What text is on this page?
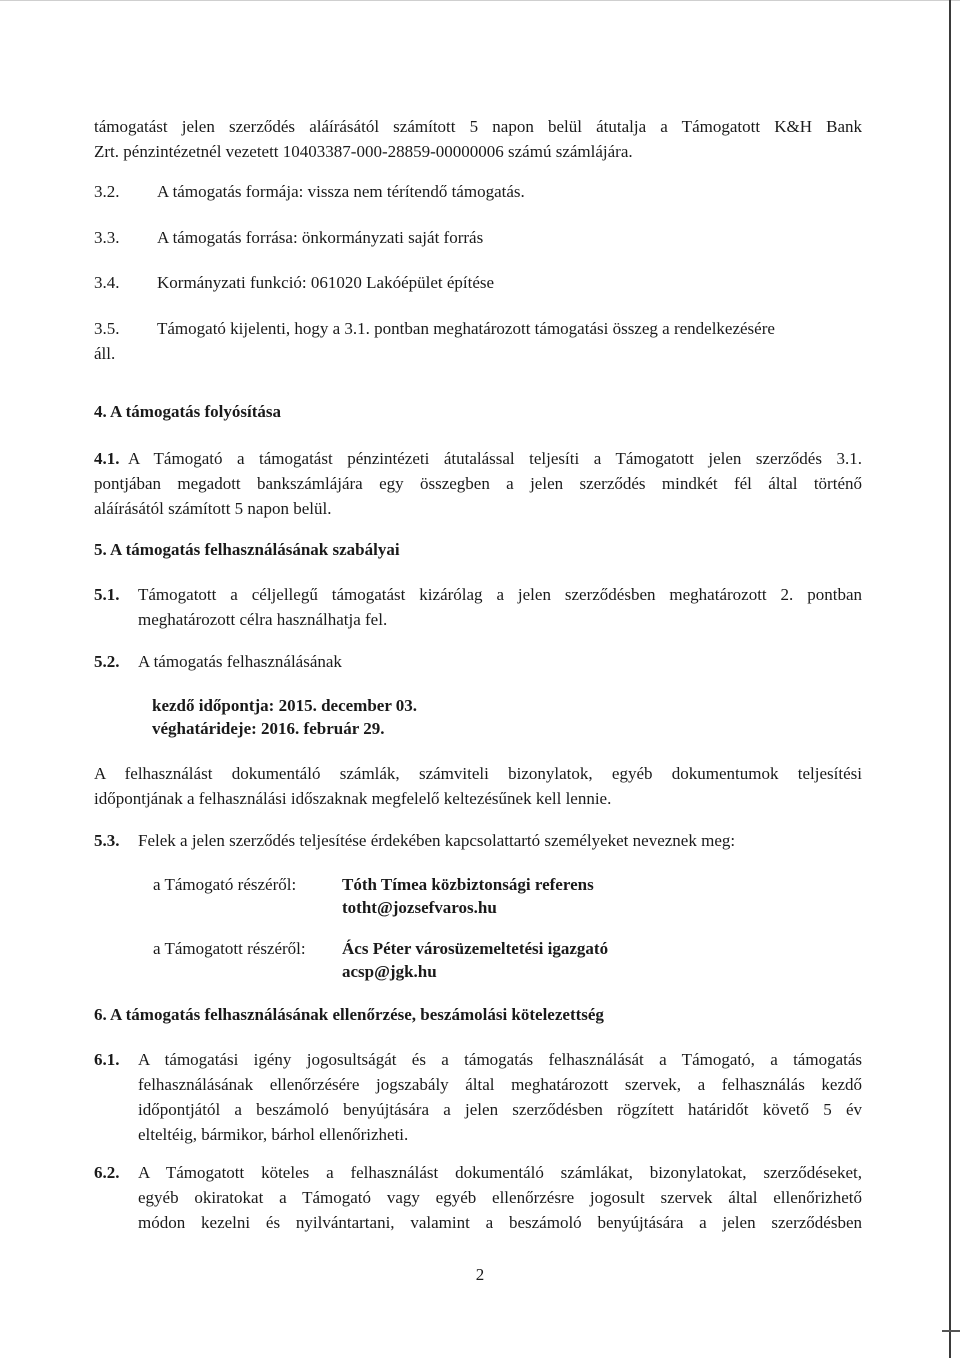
támogatást jelen szerződés aláírásától számított 5 napon belül átutalja a Támogatott K&H Bank
Zrt. pénzintézetnél vezetett 10403387-000-28859-00000006 számú számlájára.
3.2. A támogatás formája: vissza nem térítendő támogatás.
3.3. A támogatás forrása: önkormányzati saját forrás
3.4. Kormányzati funkció: 061020 Lakóépület építése
3.5. Támogató kijelenti, hogy a 3.1. pontban meghatározott támogatási összeg a rendelkezésére
áll.
4. A támogatás folyósítása
4.1. A Támogató a támogatást pénzintézeti átutalással teljesíti a Támogatott jelen szerződés 3.1.
pontjában megadott bankszámlájára egy összegben a jelen szerződés mindkét fél által történő
aláírásától számított 5 napon belül.
5. A támogatás felhasználásának szabályai
5.1.	Támogatott a céljellegű támogatást kizárólag a jelen szerződésben meghatározott 2. pontban
meghatározott célra használhatja fel.
5.2. A támogatás felhasználásának
kezdő időpontja: 2015. december 03.
véghatárideje: 2016. február 29.
A felhasználást dokumentáló számlák, számviteli bizonylatok, egyéb dokumentumok teljesítési
időpontjának a felhasználási időszaknak megfelelő keltezésűnek kell lennie.
5.3. Felek a jelen szerződés teljesítése érdekében kapcsolattartó személyeket neveznek meg:
a Támogató részéről:	Tóth Tímea közbiztonsági referens
totht@jozsefvaros.hu
a Támogatott részéről: Ács Péter városüzemeltetési igazgató
acsp@jgk.hu
6. A támogatás felhasználásának ellenőrzése, beszámolási kötelezettség
6.1.	A támogatási igény jogosultságát és a támogatás felhasználását a Támogató, a támogatás
felhasználásának ellenőrzésére jogszabály által meghatározott szervek, a felhasználás kezdő
időpontjától a beszámoló benyújtására a jelen szerződésben rögzített határidőt követő 5 év
elteltéig, bármikor, bárhol ellenőrizheti.
6.2.	A Támogatott köteles a felhasználást dokumentáló számlákat, bizonylatokat, szerződéseket,
egyéb okiratokat a Támogató vagy egyéb ellenőrzésre jogosult szervek által ellenőrizhető
módon kezelni és nyilvántartani, valamint a beszámoló benyújtására a jelen szerződésben
2
